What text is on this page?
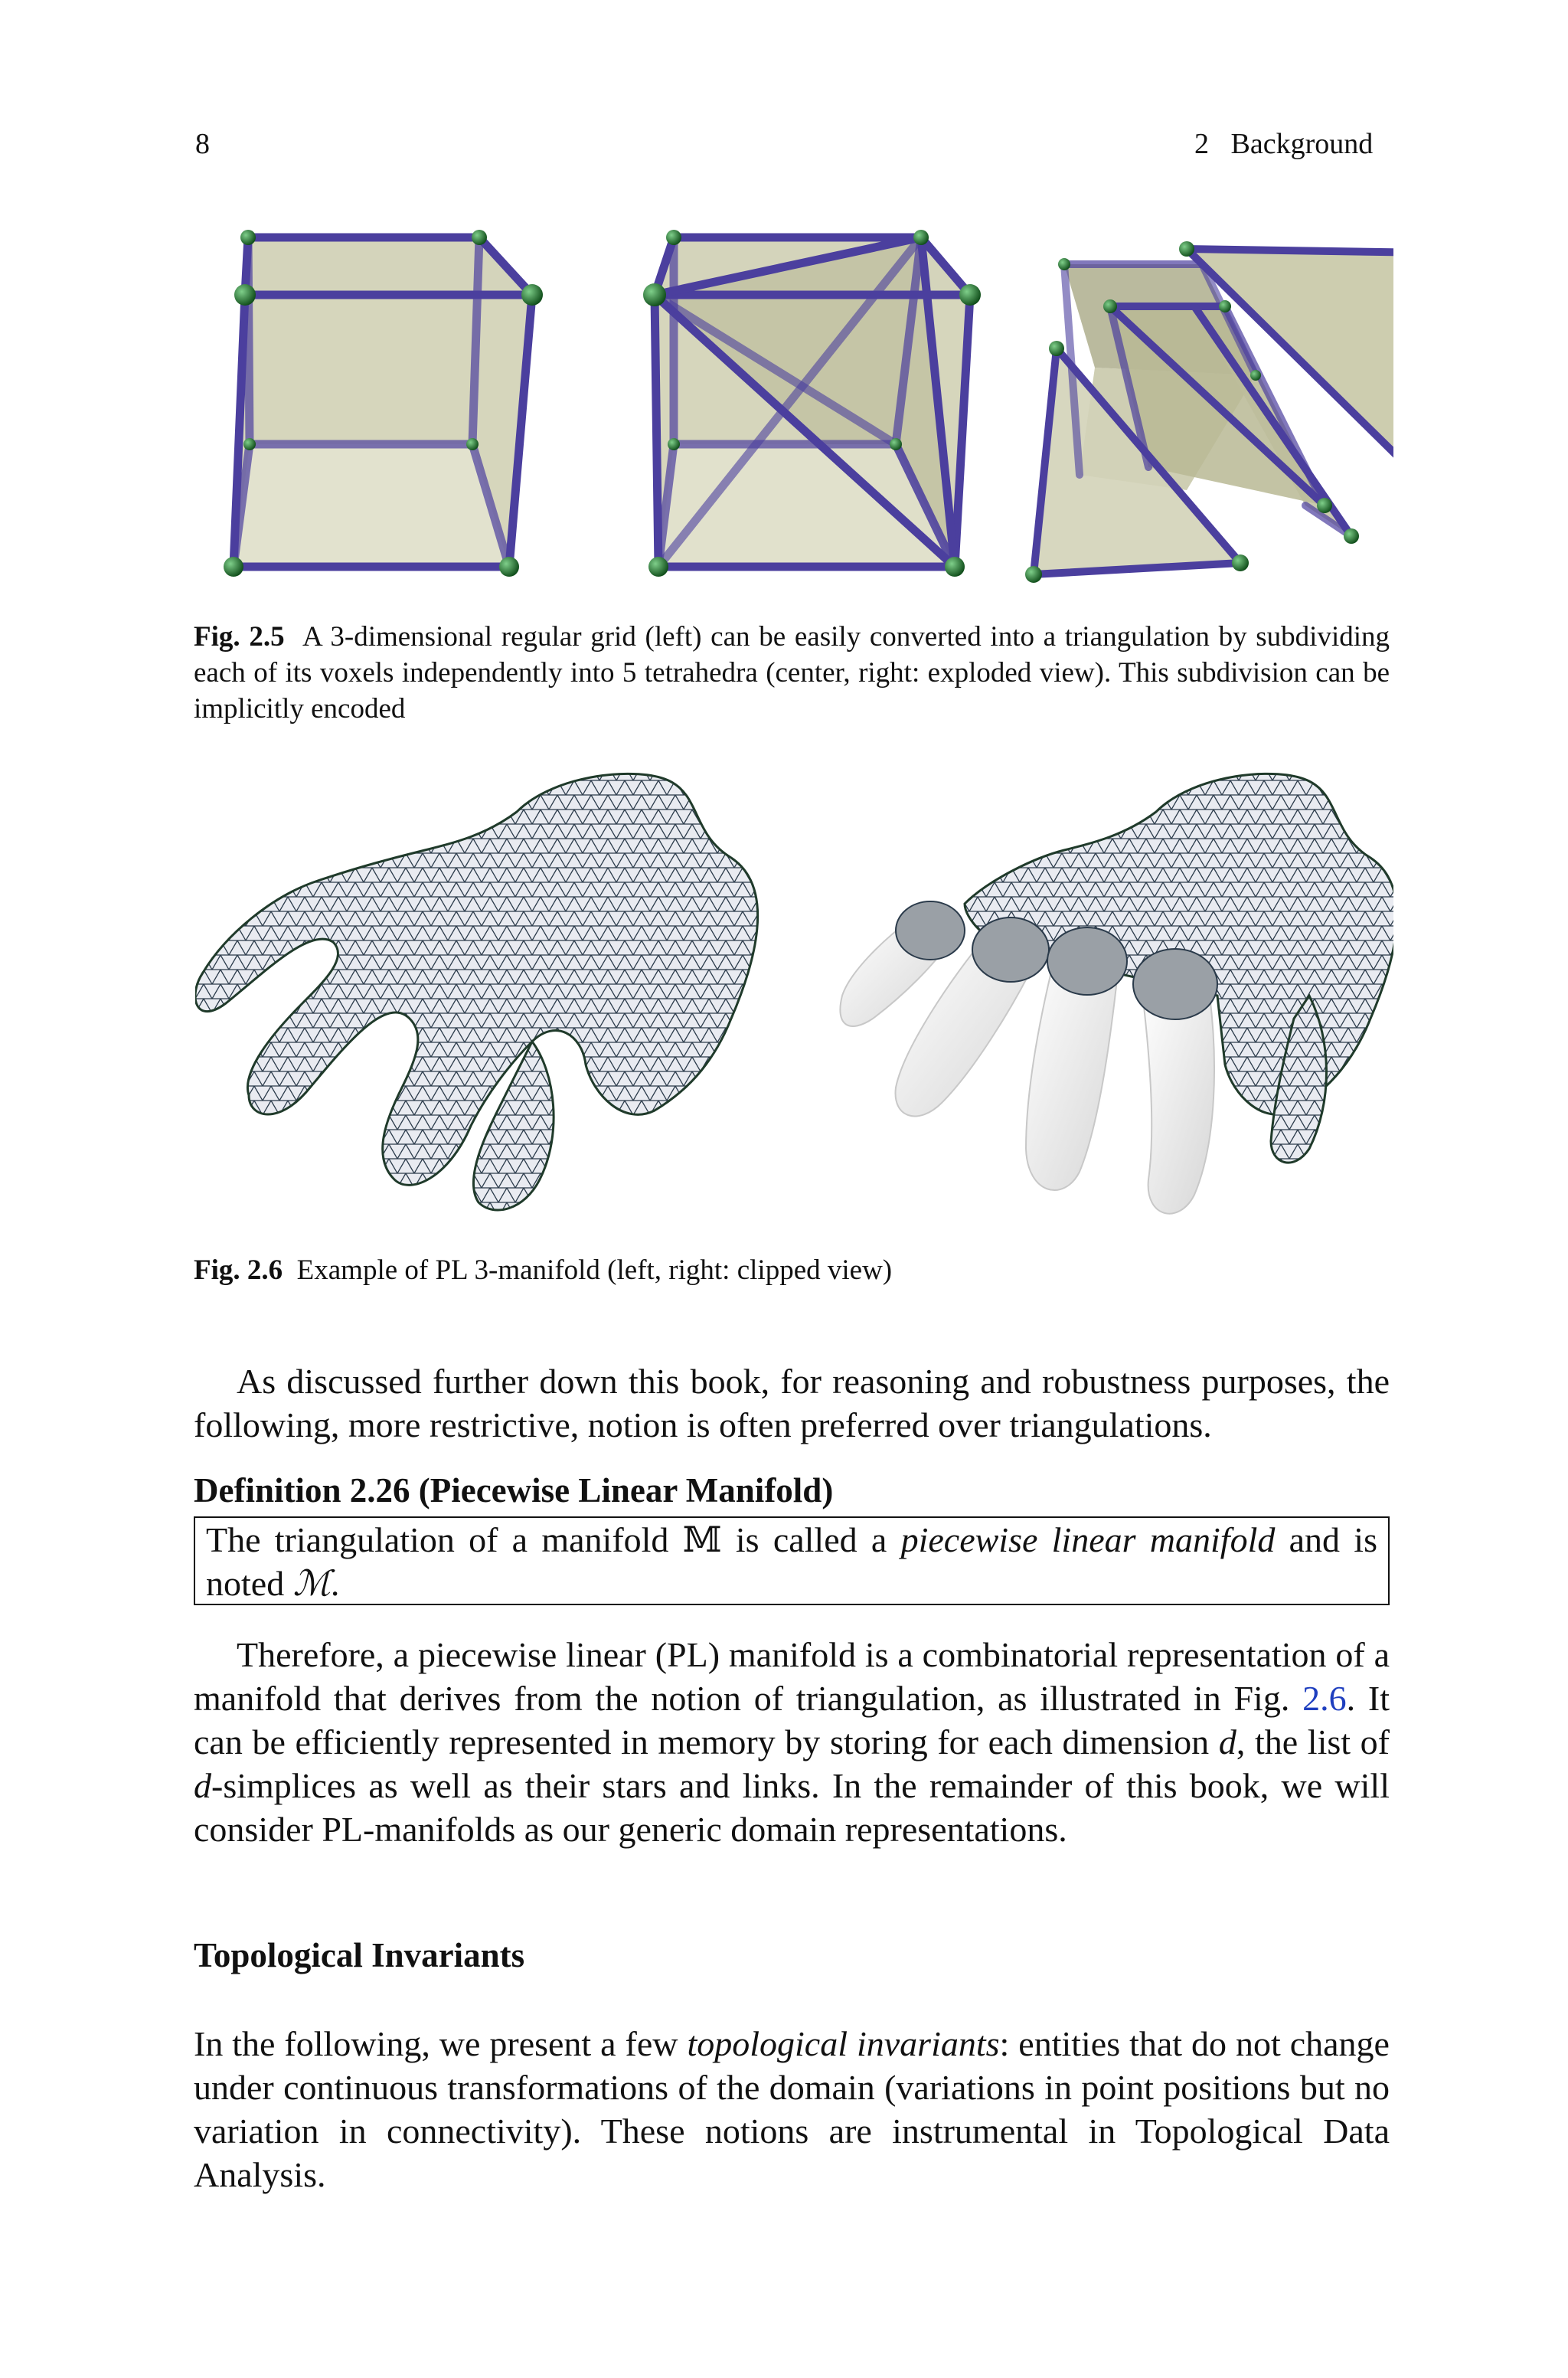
8	2 Background
Fig. 2.5 A 3-dimensional regular grid (left) can be easily converted into a triangulation by subdividing each of its voxels independently into 5 tetrahedra (center, right: exploded view). This subdivision can be implicitly encoded
Fig. 2.6 Example of PL 3-manifold (left, right: clipped view)

As discussed further down this book, for reasoning and robustness purposes, the following, more restrictive, notion is often preferred over triangulations.

Definition 2.26 (Piecewise Linear Manifold)
The triangulation of a manifold 𝕄 is called a piecewise linear manifold and is noted ℳ.

Therefore, a piecewise linear (PL) manifold is a combinatorial representation of a manifold that derives from the notion of triangulation, as illustrated in Fig. 2.6. It can be efficiently represented in memory by storing for each dimension d, the list of d-simplices as well as their stars and links. In the remainder of this book, we will consider PL-manifolds as our generic domain representations.

Topological Invariants

In the following, we present a few topological invariants: entities that do not change under continuous transformations of the domain (variations in point positions but no variation in connectivity). These notions are instrumental in Topological Data Analysis.
